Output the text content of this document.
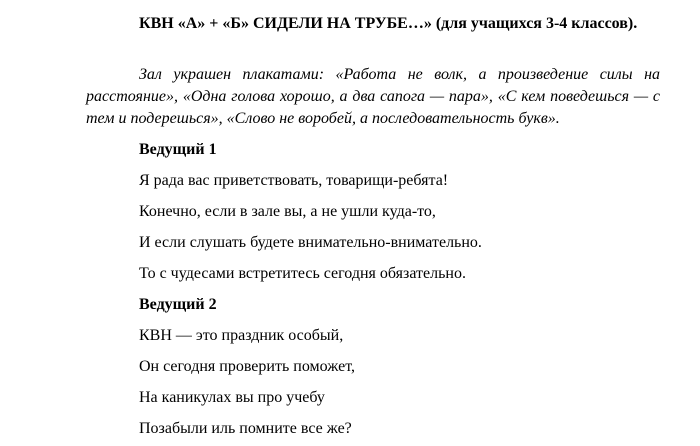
КВН «А» + «Б» СИДЕЛИ НА ТРУБЕ…» (для учащихся 3-4 классов).

Зал украшен плакатами: «Работа не волк, а произведение силы на расстояние», «Одна голова хорошо, а два сапога — пара», «С кем поведешься — с тем и подерешься», «Слово не воробей, а последовательность букв».

Ведущий 1

Я рада вас приветствовать, товарищи-ребята!

Конечно, если в зале вы, а не ушли куда-то,

И если слушать будете внимательно-внимательно.

То с чудесами встретитесь сегодня обязательно.

Ведущий 2

КВН — это праздник особый,

Он сегодня проверить поможет,

На каникулах вы про учебу

Позабыли иль помните все же?
